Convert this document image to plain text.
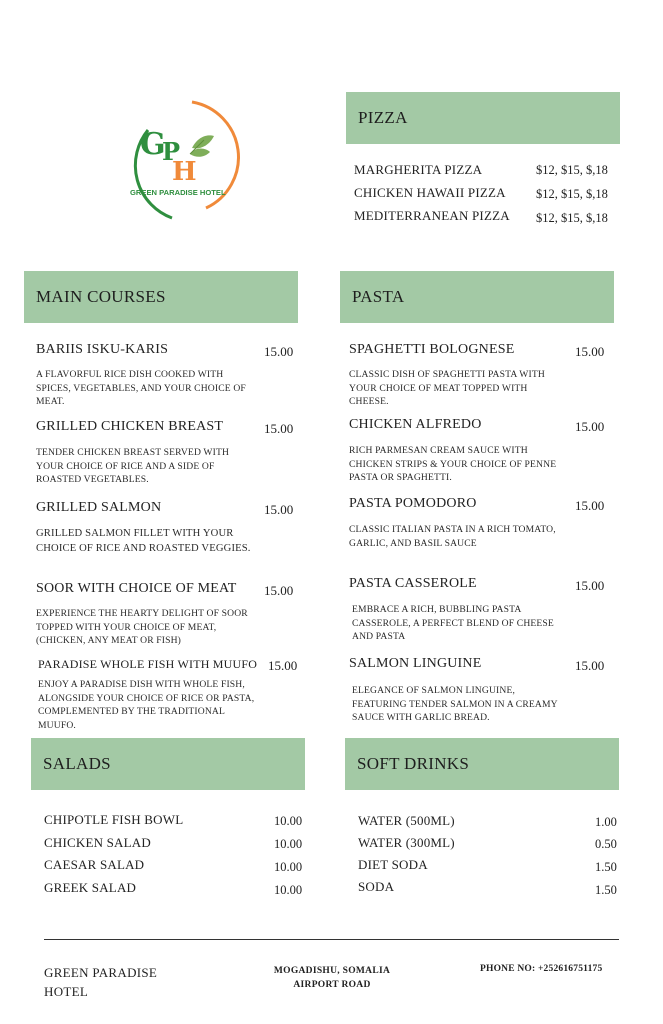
G
P
H
GREEN PARADISE HOTEL
PIZZA
MARGHERITA PIZZA	$12, $15, $,18
CHICKEN HAWAII PIZZA $12, $15, $,18
MEDITERRANEAN PIZZA $12, $15, $,18
MAIN COURSES
BARIIS ISKU-KARIS	15.00
A FLAVORFUL RICE DISH COOKED WITH SPICES, VEGETABLES, AND YOUR CHOICE OF MEAT.
GRILLED CHICKEN BREAST	15.00
TENDER CHICKEN BREAST SERVED WITH YOUR CHOICE OF RICE AND A SIDE OF ROASTED VEGETABLES.
GRILLED SALMON	15.00
GRILLED SALMON FILLET WITH YOUR CHOICE OF RICE AND ROASTED VEGGIES.
SOOR WITH CHOICE OF MEAT 15.00
EXPERIENCE THE HEARTY DELIGHT OF SOOR TOPPED WITH YOUR CHOICE OF MEAT, (CHICKEN, ANY MEAT OR FISH)
PARADISE WHOLE FISH WITH MUUFO 15.00
ENJOY A PARADISE DISH WITH WHOLE FISH, ALONGSIDE YOUR CHOICE OF RICE OR PASTA, COMPLEMENTED BY THE TRADITIONAL MUUFO.
PASTA
SPAGHETTI BOLOGNESE	15.00
CLASSIC DISH OF SPAGHETTI PASTA WITH YOUR CHOICE OF MEAT TOPPED WITH CHEESE.
CHICKEN ALFREDO	15.00
RICH PARMESAN CREAM SAUCE WITH CHICKEN STRIPS & YOUR CHOICE OF PENNE PASTA OR SPAGHETTI.
PASTA POMODORO	15.00
CLASSIC ITALIAN PASTA IN A RICH TOMATO, GARLIC, AND BASIL SAUCE
PASTA CASSEROLE	15.00
EMBRACE A RICH, BUBBLING PASTA CASSEROLE, A PERFECT BLEND OF CHEESE AND PASTA
SALMON LINGUINE	15.00
ELEGANCE OF SALMON LINGUINE, FEATURING TENDER SALMON IN A CREAMY SAUCE WITH GARLIC BREAD.
SALADS
CHIPOTLE FISH BOWL	10.00
CHICKEN SALAD	10.00
CAESAR SALAD	10.00
GREEK SALAD	10.00
SOFT DRINKS
WATER (500ML)	1.00
WATER (300ML)	0.50
DIET SODA	1.50
SODA	1.50
GREEN PARADISE
HOTEL
MOGADISHU, SOMALIA
AIRPORT ROAD
PHONE NO: +252616751175
